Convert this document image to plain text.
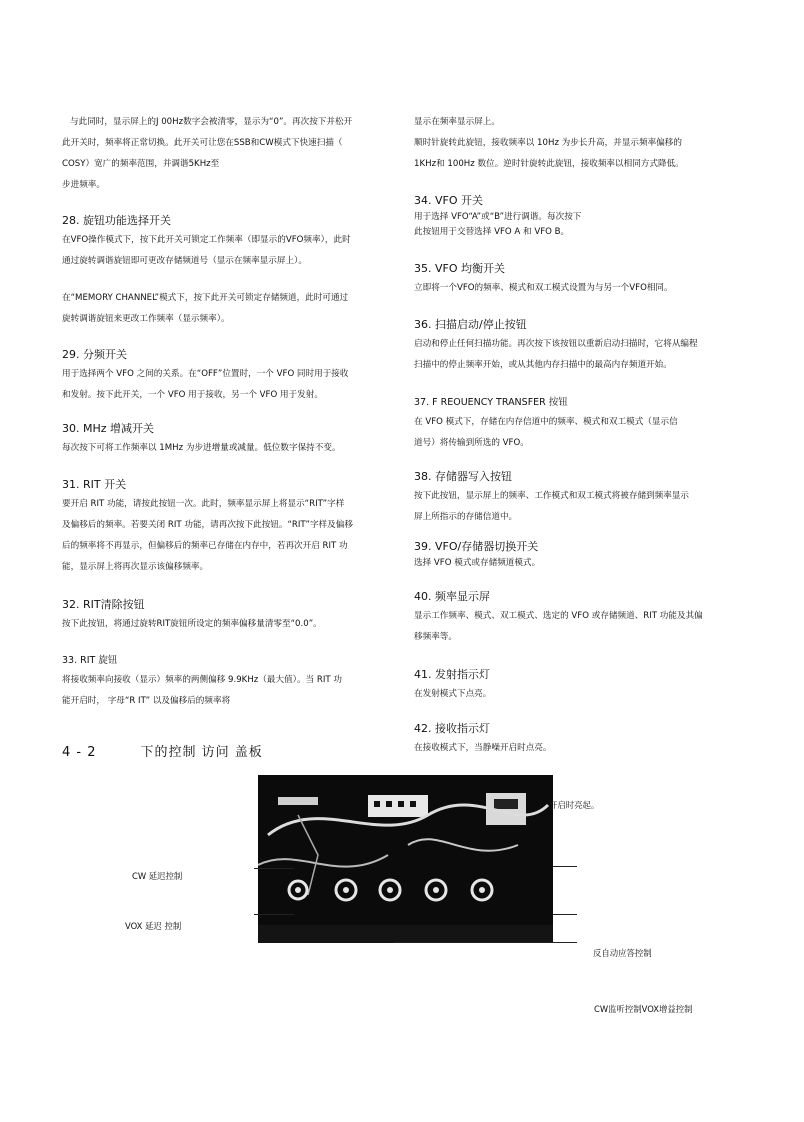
与此同时，显示屏上的J 00Hz数字会被清零，显示为“0”。再次按下并松开

此开关时，频率将正常切换。此开关可让您在SSB和CW模式下快速扫描（

COSY）宽广的频率范围，并调谐5KHz至

步进频率。

28. 旋钮功能选择开关

在VFO操作模式下，按下此开关可锁定工作频率（即显示的VFO频率），此时

通过旋转调谐旋钮即可更改存储频道号（显示在频率显示屏上）。

在“MEMORY CHANNEL”模式下，按下此开关可锁定存储频道，此时可通过

旋转调谐旋钮来更改工作频率（显示频率）。

29. 分频开关

用于选择两个 VFO 之间的关系。在“OFF”位置时，一个 VFO 同时用于接收

和发射。按下此开关，一个 VFO 用于接收，另一个 VFO 用于发射。

30. MHz 增减开关

每次按下可将工作频率以 1MHz 为步进增量或减量。低位数字保持不变。

31. RIT 开关

要开启 RIT 功能，请按此按钮一次。此时，频率显示屏上将显示“RIT”字样

及偏移后的频率。若要关闭 RIT 功能，请再次按下此按钮。“RIT”字样及偏移

后的频率将不再显示，但偏移后的频率已存储在内存中，若再次开启 RIT 功

能，显示屏上将再次显示该偏移频率。

32. RIT清除按钮

按下此按钮，将通过旋转RIT旋钮所设定的频率偏移量清零至“0.0”。

33. RIT 旋钮

将接收频率向接收（显示）频率的两侧偏移 9.9KHz（最大值）。当 RIT 功

能开启时， 字母“R IT” 以及偏移后的频率将

显示在频率显示屏上。

顺时针旋转此旋钮，接收频率以 10Hz 为步长升高，并显示频率偏移的

1KHz和 100Hz 数位。逆时针旋转此旋钮，接收频率以相同方式降低。

34. VFO 开关

用于选择 VFO“A”或“B”进行调谐。每次按下

此按钮用于交替选择 VFO A 和 VFO B。

35. VFO 均衡开关

立即将一个VFO的频率、模式和双工模式设置为与另一个VFO相同。

36. 扫描启动/停止按钮

启动和停止任何扫描功能。再次按下该按钮以重新启动扫描时，它将从编程

扫描中的停止频率开始，或从其他内存扫描中的最高内存频道开始。

37. F REOUENCY TRANSFER 按钮

在 VFO 模式下，存储在内存信道中的频率、模式和双工模式（显示信

道号）将传输到所选的 VFO。

38. 存储器写入按钮

按下此按钮，显示屏上的频率、工作模式和双工模式将被存储到频率显示

屏上所指示的存储信道中。

39. VFO/存储器切换开关

选择 VFO 模式或存储频道模式。

40. 频率显示屏

显示工作频率、模式、双工模式、选定的 VFO 或存储频道、RIT 功能及其偏

移频率等。

41. 发射指示灯

在发射模式下点亮。

42. 接收指示灯

在接收模式下，当静噪开启时点亮。

4 - 2	下的控制 访问 盖板
） 开启时亮起。
CW 延迟控制
VOX 延迟 控制
反自动应答控制
CW监听控制VOX增益控制
